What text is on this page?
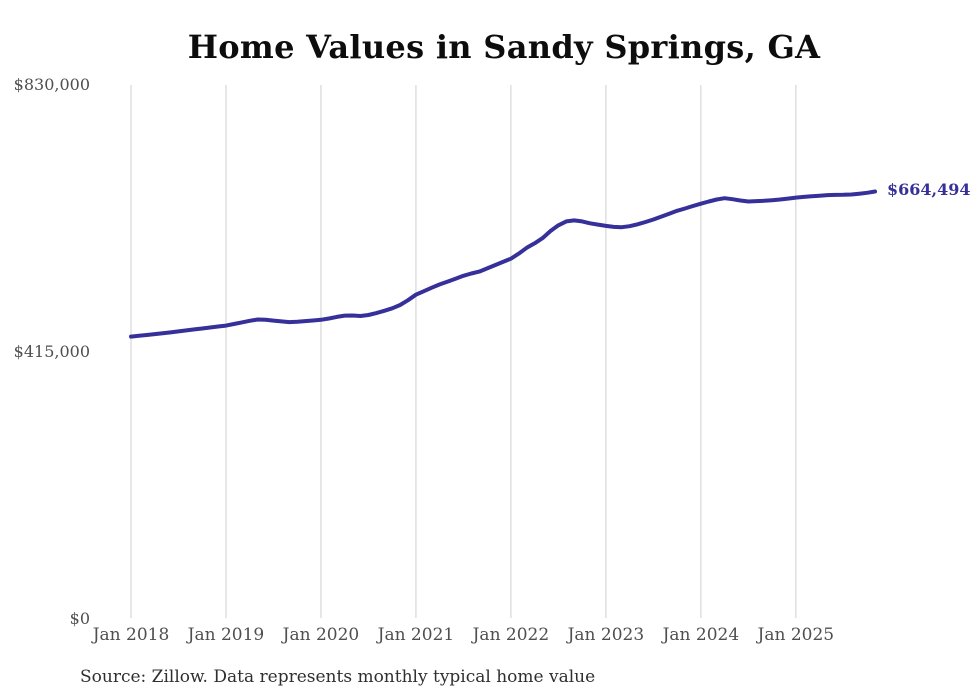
Home Values in Sandy Springs, GA
$664,494
Source: Zillow. Data represents monthly typical home value
Jan 2018 Jan 2019 Jan 2020 Jan 2021 Jan 2022 Jan 2023 Jan 2024 Jan 2025
$0
$415,000
$830,000
